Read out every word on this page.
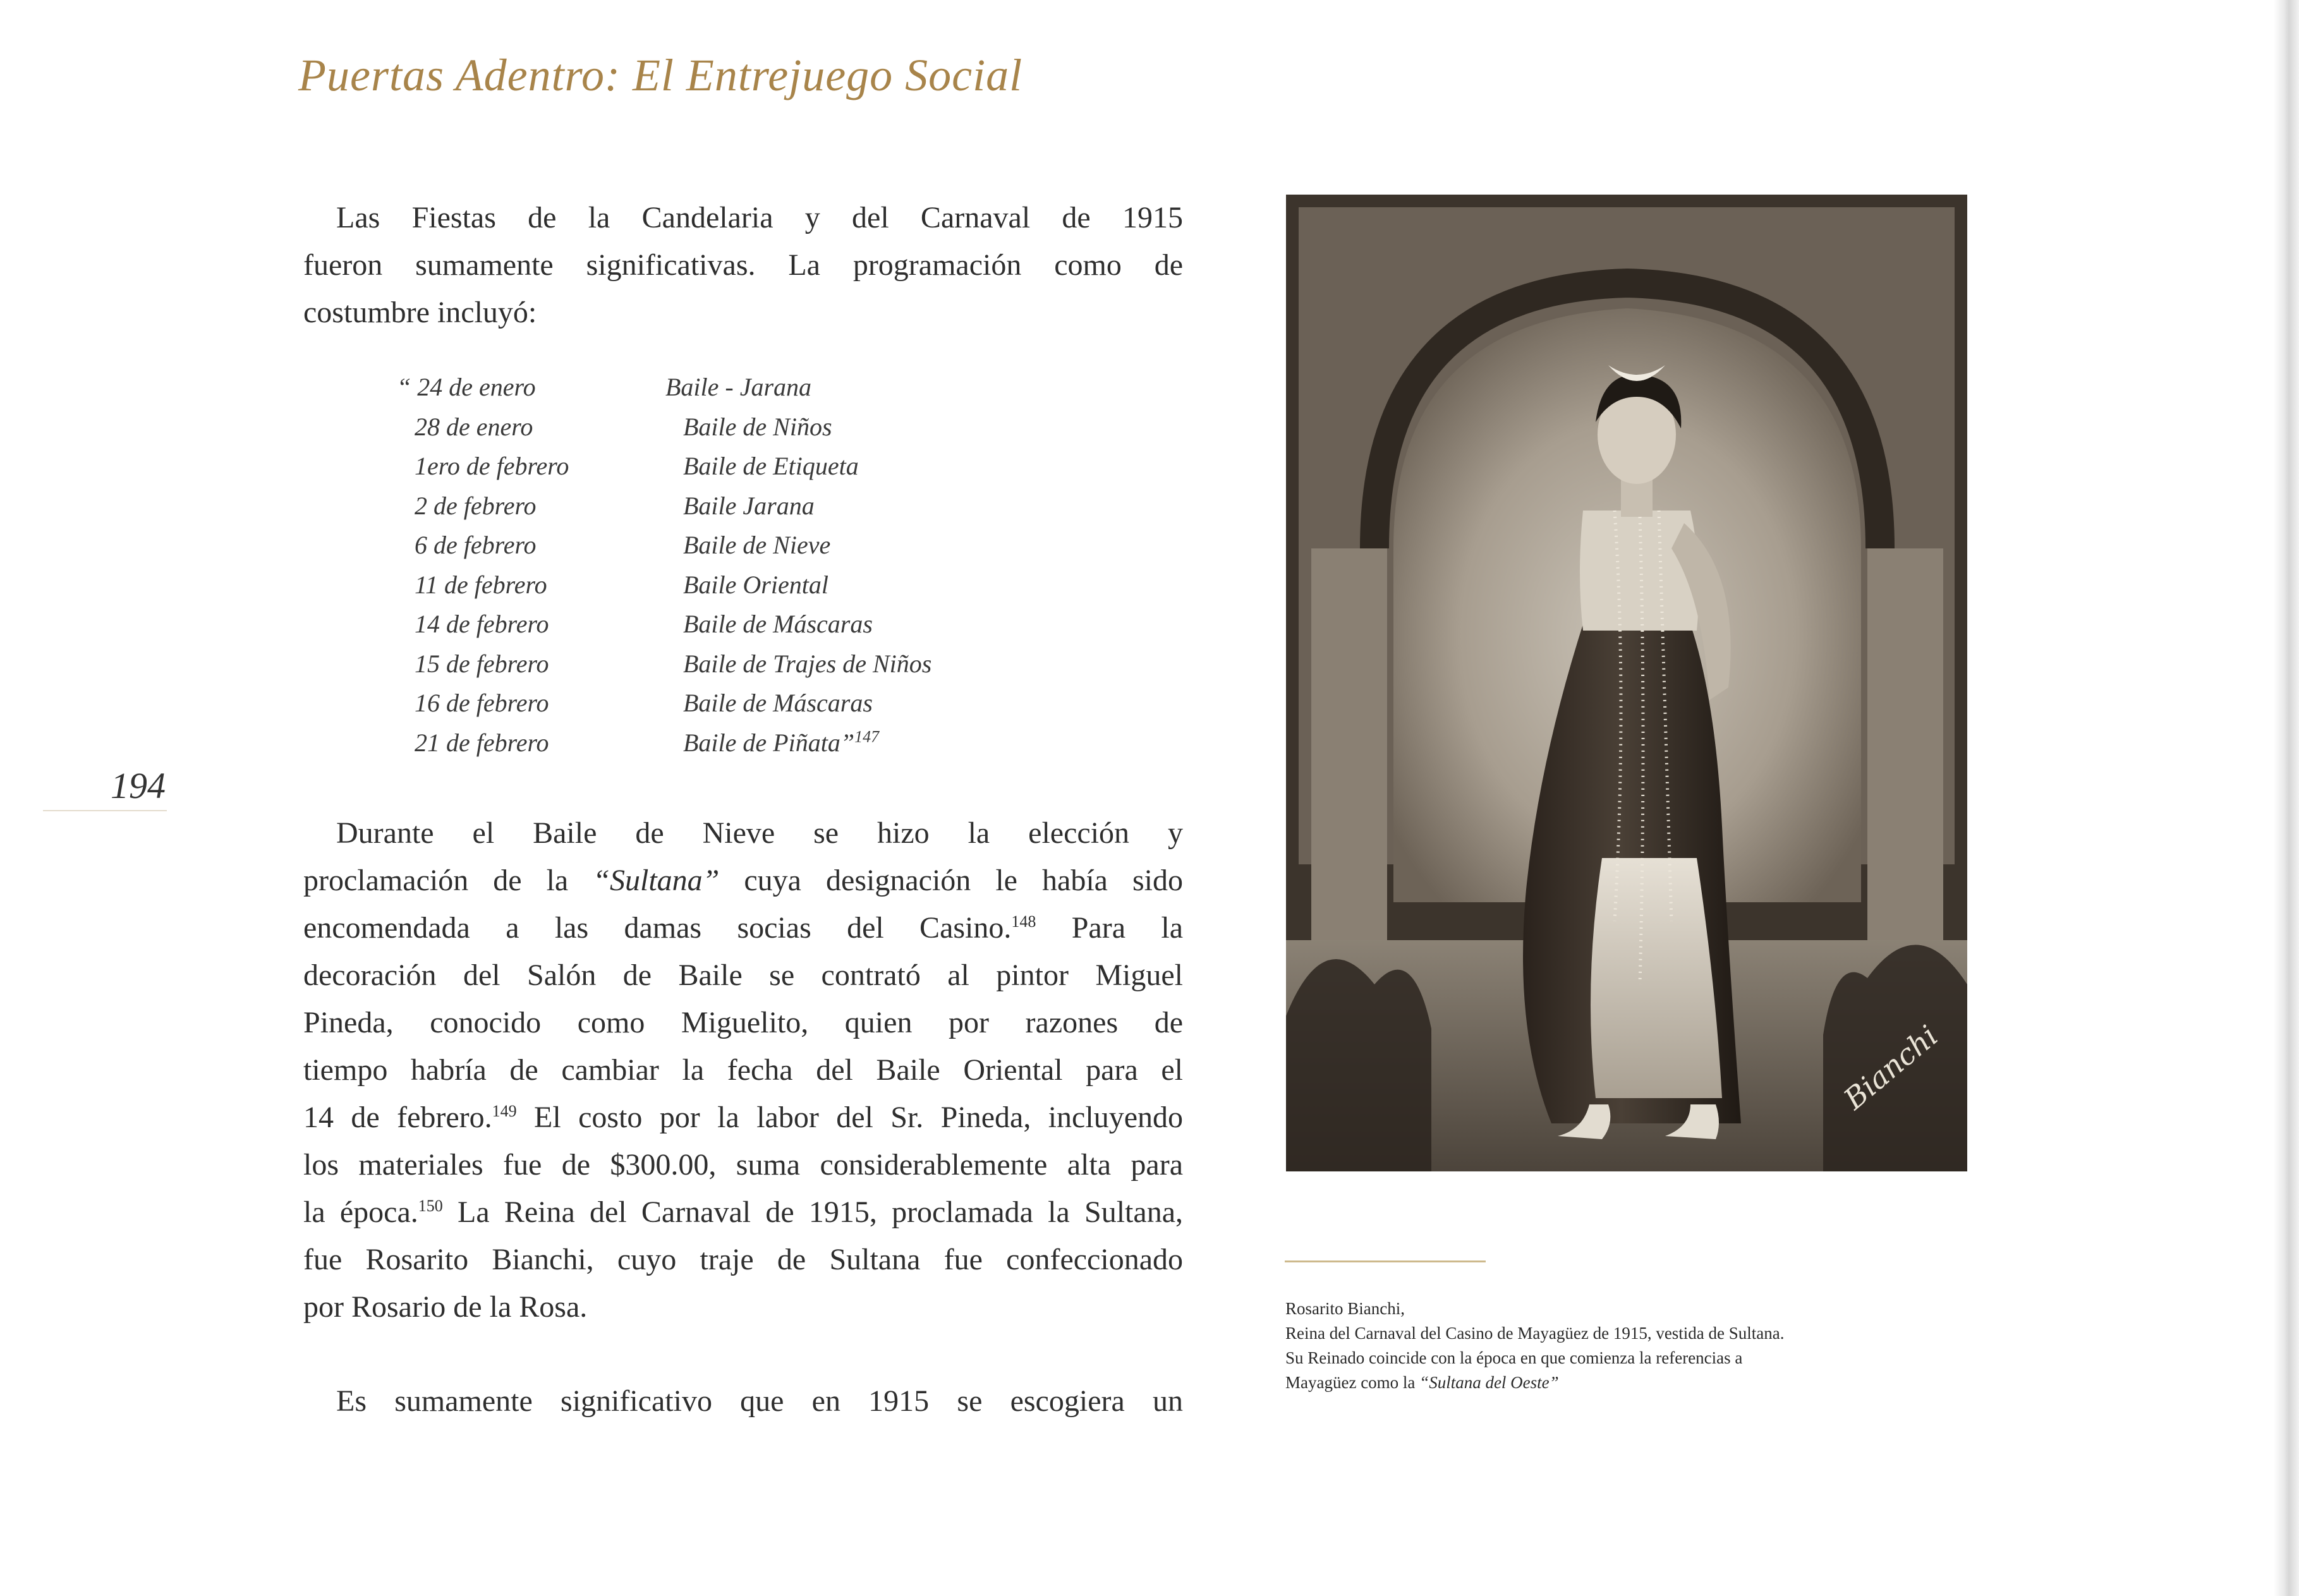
Puertas Adentro: El Entrejuego Social
194
Las Fiestas de la Candelaria y del Carnaval de 1915
fueron sumamente significativas. La programación como de
costumbre incluyó:
“ 24 de enero	Baile - Jarana
28 de enero	Baile de Niños
1ero de febrero	Baile de Etiqueta
2 de febrero	Baile Jarana
6 de febrero	Baile de Nieve
11 de febrero	Baile Oriental
14 de febrero	Baile de Máscaras
15 de febrero	Baile de Trajes de Niños
16 de febrero	Baile de Máscaras
21 de febrero	Baile de Piñata”$^{147}$
Durante el Baile de Nieve se hizo la elección y
proclamación de la “Sultana” cuya designación le había sido
encomendada a las damas socias del Casino.$^{148}$ Para la
decoración del Salón de Baile se contrató al pintor Miguel
Pineda, conocido como Miguelito, quien por razones de
tiempo habría de cambiar la fecha del Baile Oriental para el
14 de febrero.$^{149}$ El costo por la labor del Sr. Pineda, incluyendo
los materiales fue de $300.00, suma considerablemente alta para
la época.$^{150}$ La Reina del Carnaval de 1915, proclamada la Sultana,
fue Rosarito Bianchi, cuyo traje de Sultana fue confeccionado
por Rosario de la Rosa.
Es sumamente significativo que en 1915 se escogiera un
Bianchi
Rosarito Bianchi,
Reina del Carnaval del Casino de Mayagüez de 1915, vestida de Sultana.
Su Reinado coincide con la época en que comienza la referencias a
Mayagüez como la “Sultana del Oeste”
